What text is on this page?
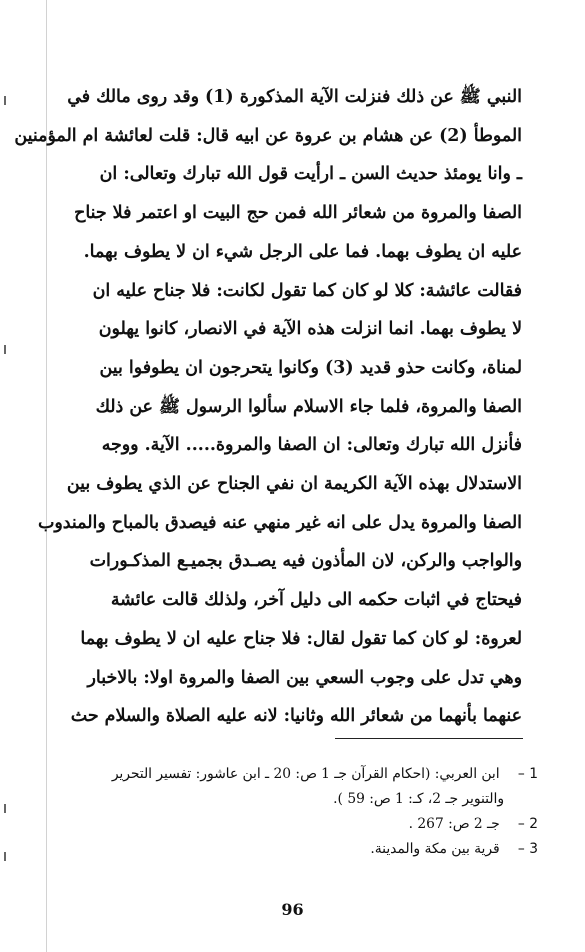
النبي ﷺ عن ذلك فنزلت الآية المذكورة (1) وقد روى مالك في
الموطأ (2) عن هشام بن عروة عن ابيه قال: قلت لعائشة ام المؤمنين
ـ وانا يومئذ حديث السن ـ ارأيت قول الله تبارك وتعالى: ان
الصفا والمروة من شعائر الله فمن حج البيت او اعتمر فلا جناح
عليه ان يطوف بهما. فما على الرجل شيء ان لا يطوف بهما.
فقالت عائشة: كلا لو كان كما تقول لكانت: فلا جناح عليه ان
لا يطوف بهما. انما انزلت هذه الآية في الانصار، كانوا يهلون
لمناة، وكانت حذو قديد (3) وكانوا يتحرجون ان يطوفوا بين
الصفا والمروة، فلما جاء الاسلام سألوا الرسول ﷺ عن ذلك
فأنزل الله تبارك وتعالى: ان الصفا والمروة..... الآية. ووجه
الاستدلال بهذه الآية الكريمة ان نفي الجناح عن الذي يطوف بين
الصفا والمروة يدل على انه غير منهي عنه فيصدق بالمباح والمندوب
والواجب والركن، لان المأذون فيه يصـدق بجميـع المذكـورات
فيحتاج في اثبات حكمه الى دليل آخر، ولذلك قالت عائشة
لعروة: لو كان كما تقول لقال: فلا جناح عليه ان لا يطوف بهما
وهي تدل على وجوب السعي بين الصفا والمروة اولا: بالاخبار
عنهما بأنهما من شعائر الله وثانيا: لانه عليه الصلاة والسلام حث
1 – ابن العربي: (احكام القرآن جـ 1 ص: 20 ـ ابن عاشور: تفسير التحرير
والتنوير جـ 2، كـ: 1 ص: 59 ).
2 – جـ 2 ص: 267 .
3 – قرية بين مكة والمدينة.
96
